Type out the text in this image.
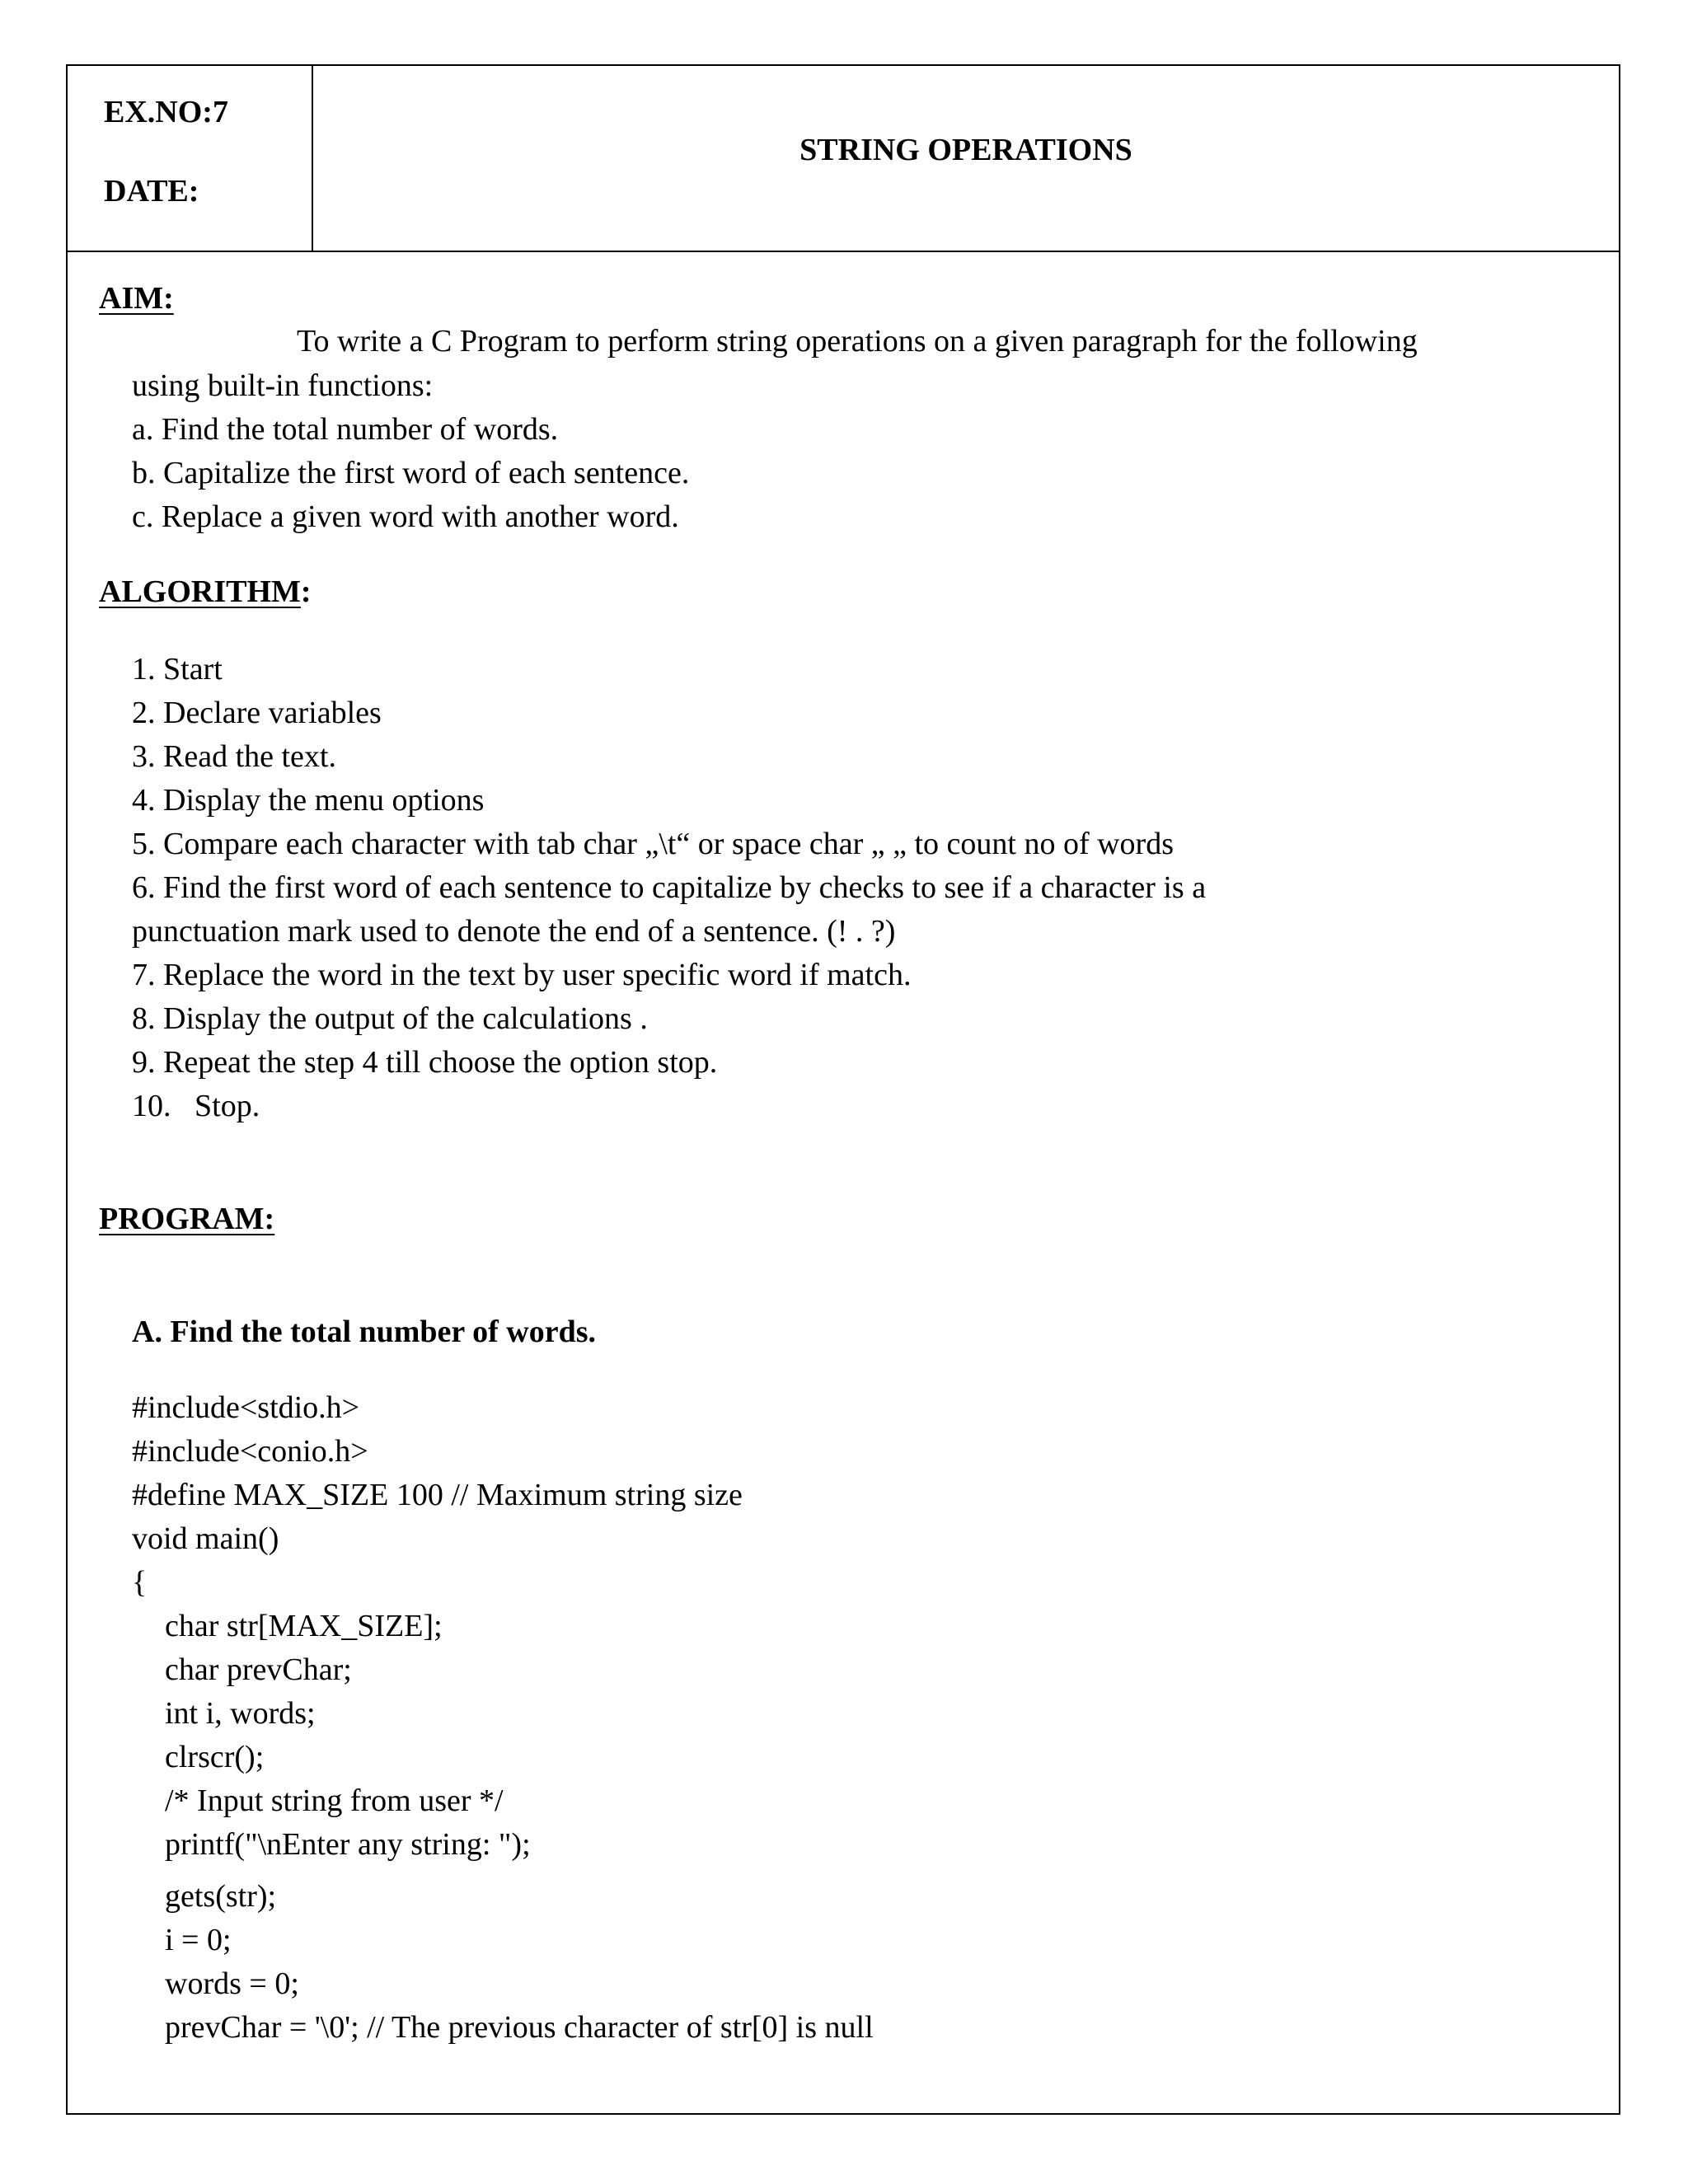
EX.NO:7
DATE:
STRING OPERATIONS
AIM:
To write a C Program to perform string operations on a given paragraph for the following
using built-in functions:
a. Find the total number of words.
b. Capitalize the first word of each sentence.
c. Replace a given word with another word.
ALGORITHM:
1. Start
2. Declare variables
3. Read the text.
4. Display the menu options
5. Compare each character with tab char „\t“ or space char „ „ to count no of words
6. Find the first word of each sentence to capitalize by checks to see if a character is a
punctuation mark used to denote the end of a sentence. (! . ?)
7. Replace the word in the text by user specific word if match.
8. Display the output of the calculations .
9. Repeat the step 4 till choose the option stop.
10.   Stop.
PROGRAM:
A. Find the total number of words.
#include<stdio.h>
#include<conio.h>
#define MAX_SIZE 100 // Maximum string size
void main()
{
char str[MAX_SIZE];
char prevChar;
int i, words;
clrscr();
/* Input string from user */
printf("\nEnter any string: ");
gets(str);
i = 0;
words = 0;
prevChar = '\0'; // The previous character of str[0] is null
